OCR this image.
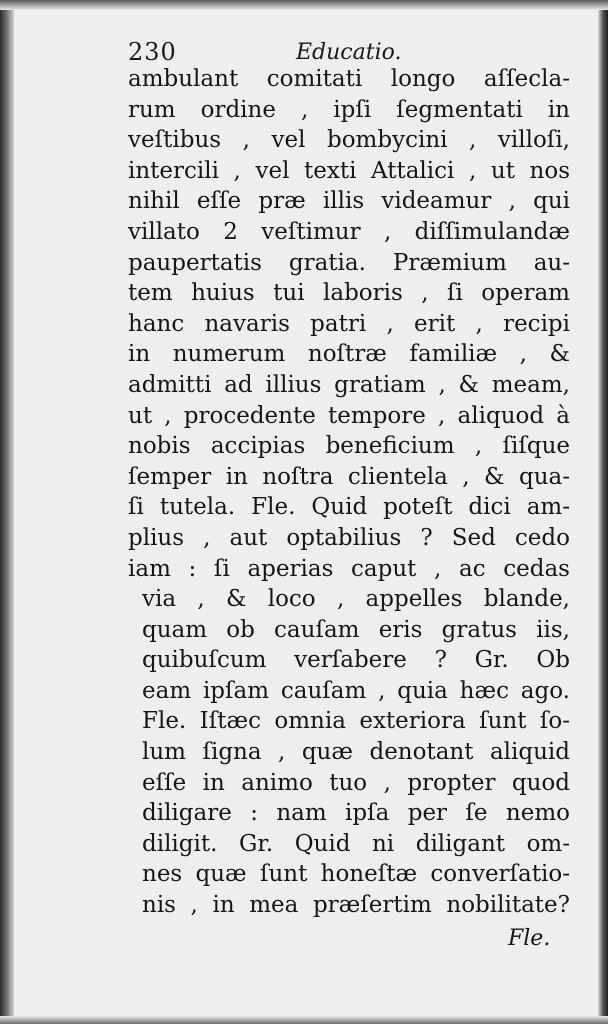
230	Educatio.
ambulant comitati longo aſſecla-
rum ordine , ipſi ſegmentati in
veſtibus , vel bombycini , villoſi,
intercili , vel texti Attalici , ut nos
nihil eſſe præ illis videamur , qui
villato 2 veſtimur , diſſimulandæ
paupertatis gratia. Præmium au-
tem huius tui laboris , ſi operam
hanc navaris patri , erit , recipi
in numerum noſtræ familiæ , &
admitti ad illius gratiam , & meam,
ut , procedente tempore , aliquod à
nobis accipias beneficium , ſiſque
ſemper in noſtra clientela , & qua-
ſi tutela. Fle. Quid poteſt dici am-
plius , aut optabilius ? Sed cedo
iam : ſi aperias caput , ac cedas
via , & loco , appelles blande,
quam ob cauſam eris gratus iis,
quibuſcum verſabere ? Gr. Ob
eam ipſam cauſam , quia hæc ago.
Fle. Iſtæc omnia exteriora ſunt ſo-
lum ſigna , quæ denotant aliquid
eſſe in animo tuo , propter quod
diligare : nam ipſa per ſe nemo
diligit. Gr. Quid ni diligant om-
nes quæ ſunt honeſtæ converſatio-
nis , in mea præſertim nobilitate?
Fle.
